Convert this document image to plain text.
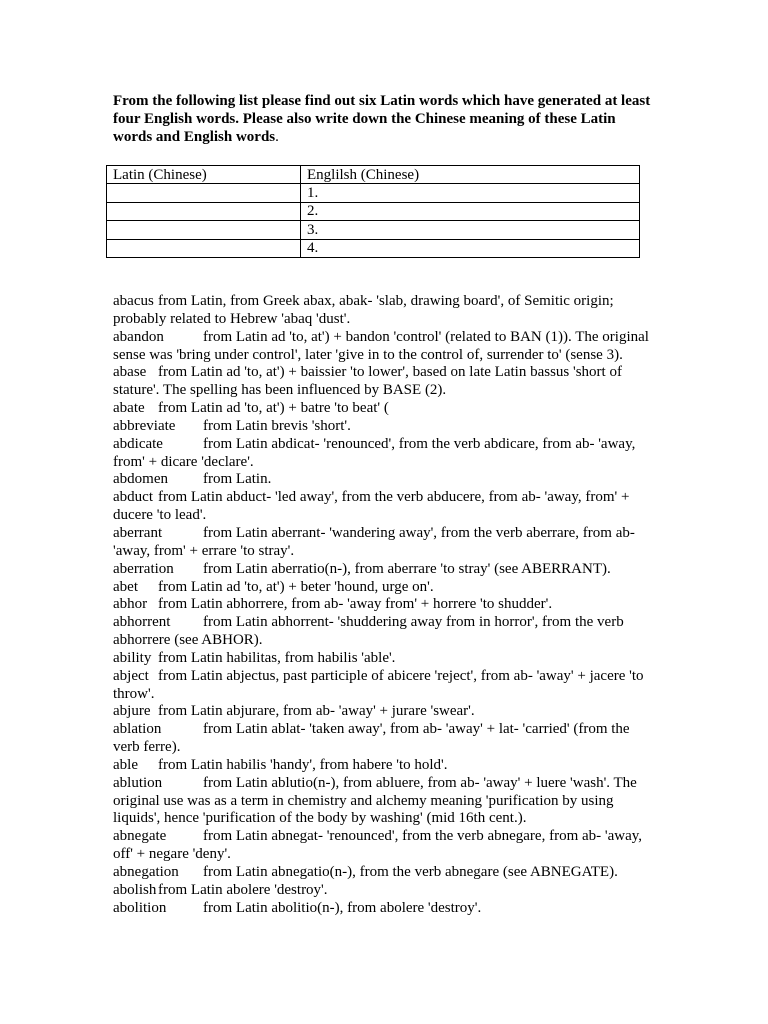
From the following list please find out six Latin words which have generated at least
four English words. Please also write down the Chinese meaning of these Latin
words and English words.
Latin (Chinese)	Englilsh (Chinese)
	1.
	2.
	3.
	4.
abacus from Latin, from Greek abax, abak- 'slab, drawing board', of Semitic origin;
probably related to Hebrew 'abaq 'dust'.
abandon	from Latin ad 'to, at') + bandon 'control' (related to BAN (1)). The original
sense was 'bring under control', later 'give in to the control of, surrender to' (sense 3).
abase from Latin ad 'to, at') + baissier 'to lower', based on late Latin bassus 'short of
stature'. The spelling has been influenced by BASE (2).
abate from Latin ad 'to, at') + batre 'to beat' (
abbreviate from Latin brevis 'short'.
abdicate	from Latin abdicat- 'renounced', from the verb abdicare, from ab- 'away,
from' + dicare 'declare'.
abdomen from Latin.
abduct from Latin abduct- 'led away', from the verb abducere, from ab- 'away, from' +
ducere 'to lead'.
aberrant	from Latin aberrant- 'wandering away', from the verb aberrare, from ab-
'away, from' + errare 'to stray'.
aberration from Latin aberratio(n-), from aberrare 'to stray' (see ABERRANT).
abet from Latin ad 'to, at') + beter 'hound, urge on'.
abhor from Latin abhorrere, from ab- 'away from' + horrere 'to shudder'.
abhorrent from Latin abhorrent- 'shuddering away from in horror', from the verb
abhorrere (see ABHOR).
ability from Latin habilitas, from habilis 'able'.
abject from Latin abjectus, past participle of abicere 'reject', from ab- 'away' + jacere 'to
throw'.
abjure from Latin abjurare, from ab- 'away' + jurare 'swear'.
ablation	from Latin ablat- 'taken away', from ab- 'away' + lat- 'carried' (from the
verb ferre).
able from Latin habilis 'handy', from habere 'to hold'.
ablution	from Latin ablutio(n-), from abluere, from ab- 'away' + luere 'wash'. The
original use was as a term in chemistry and alchemy meaning 'purification by using
liquids', hence 'purification of the body by washing' (mid 16th cent.).
abnegate from Latin abnegat- 'renounced', from the verb abnegare, from ab- 'away,
off' + negare 'deny'.
abnegation from Latin abnegatio(n-), from the verb abnegare (see ABNEGATE).
abolish from Latin abolere 'destroy'.
abolition from Latin abolitio(n-), from abolere 'destroy'.
